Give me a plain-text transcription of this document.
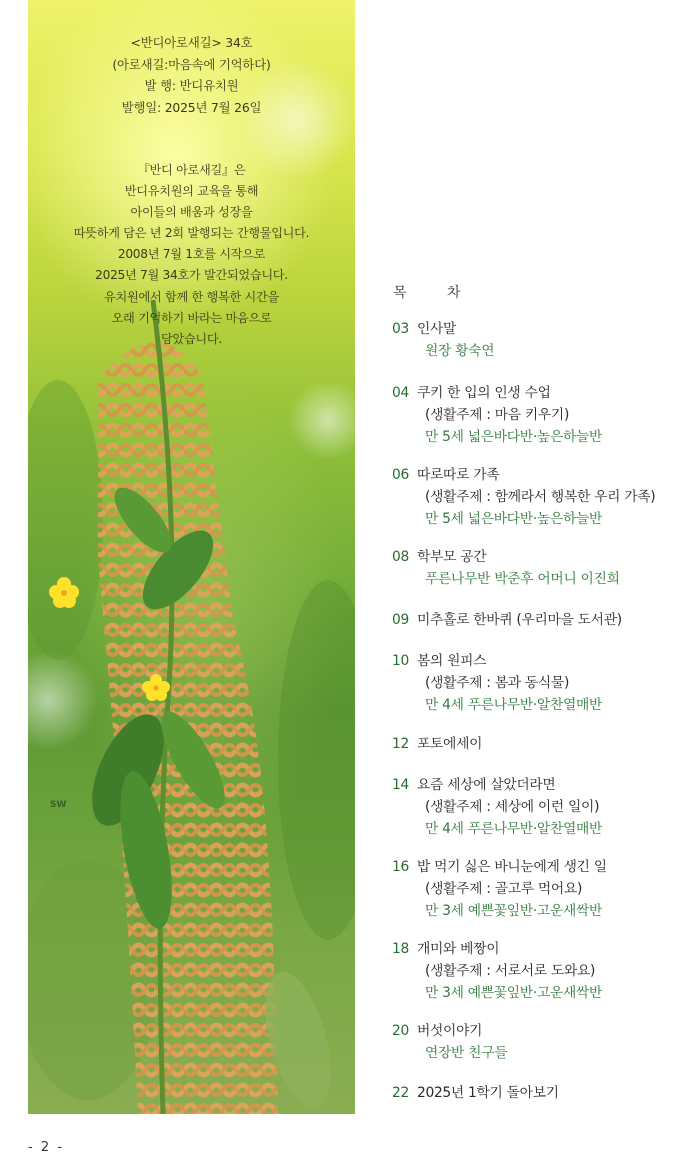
<반디아로새길> 34호
(아로새길:마음속에 기억하다)
발 행: 반디유치원
발행일: 2025년 7월 26일
『반디 아로새길』은
반디유치원의 교육을 통해
아이들의 배움과 성장을
따뜻하게 담은 년 2회 발행되는 간행물입니다.
2008년 7월 1호를 시작으로
2025년 7월 34호가 발간되었습니다.
유치원에서 함께 한 행복한 시간을
오래 기억하기 바라는 마음으로
담았습니다.
SW
목 차
03 인사말
원장 황숙연
04 쿠키 한 입의 인생 수업
(생활주제 : 마음 키우기)
만 5세 넓은바다반·높은하늘반
06 따로따로 가족
(생활주제 : 함께라서 행복한 우리 가족)
만 5세 넓은바다반·높은하늘반
08 학부모 공간
푸른나무반 박준후 어머니 이진희
09 미추홀로 한바퀴 (우리마을 도서관)
10 봄의 원피스
(생활주제 : 봄과 동식물)
만 4세 푸른나무반·알찬열매반
12 포토에세이
14 요즘 세상에 살았더라면
(생활주제 : 세상에 이런 일이)
만 4세 푸른나무반·알찬열매반
16 밥 먹기 싫은 바니눈에게 생긴 일
(생활주제 : 골고루 먹어요)
만 3세 예쁜꽃잎반·고운새싹반
18 개미와 베짱이
(생활주제 : 서로서로 도와요)
만 3세 예쁜꽃잎반·고운새싹반
20 버섯이야기
연장반 친구들
22 2025년 1학기 돌아보기
- 2 -
